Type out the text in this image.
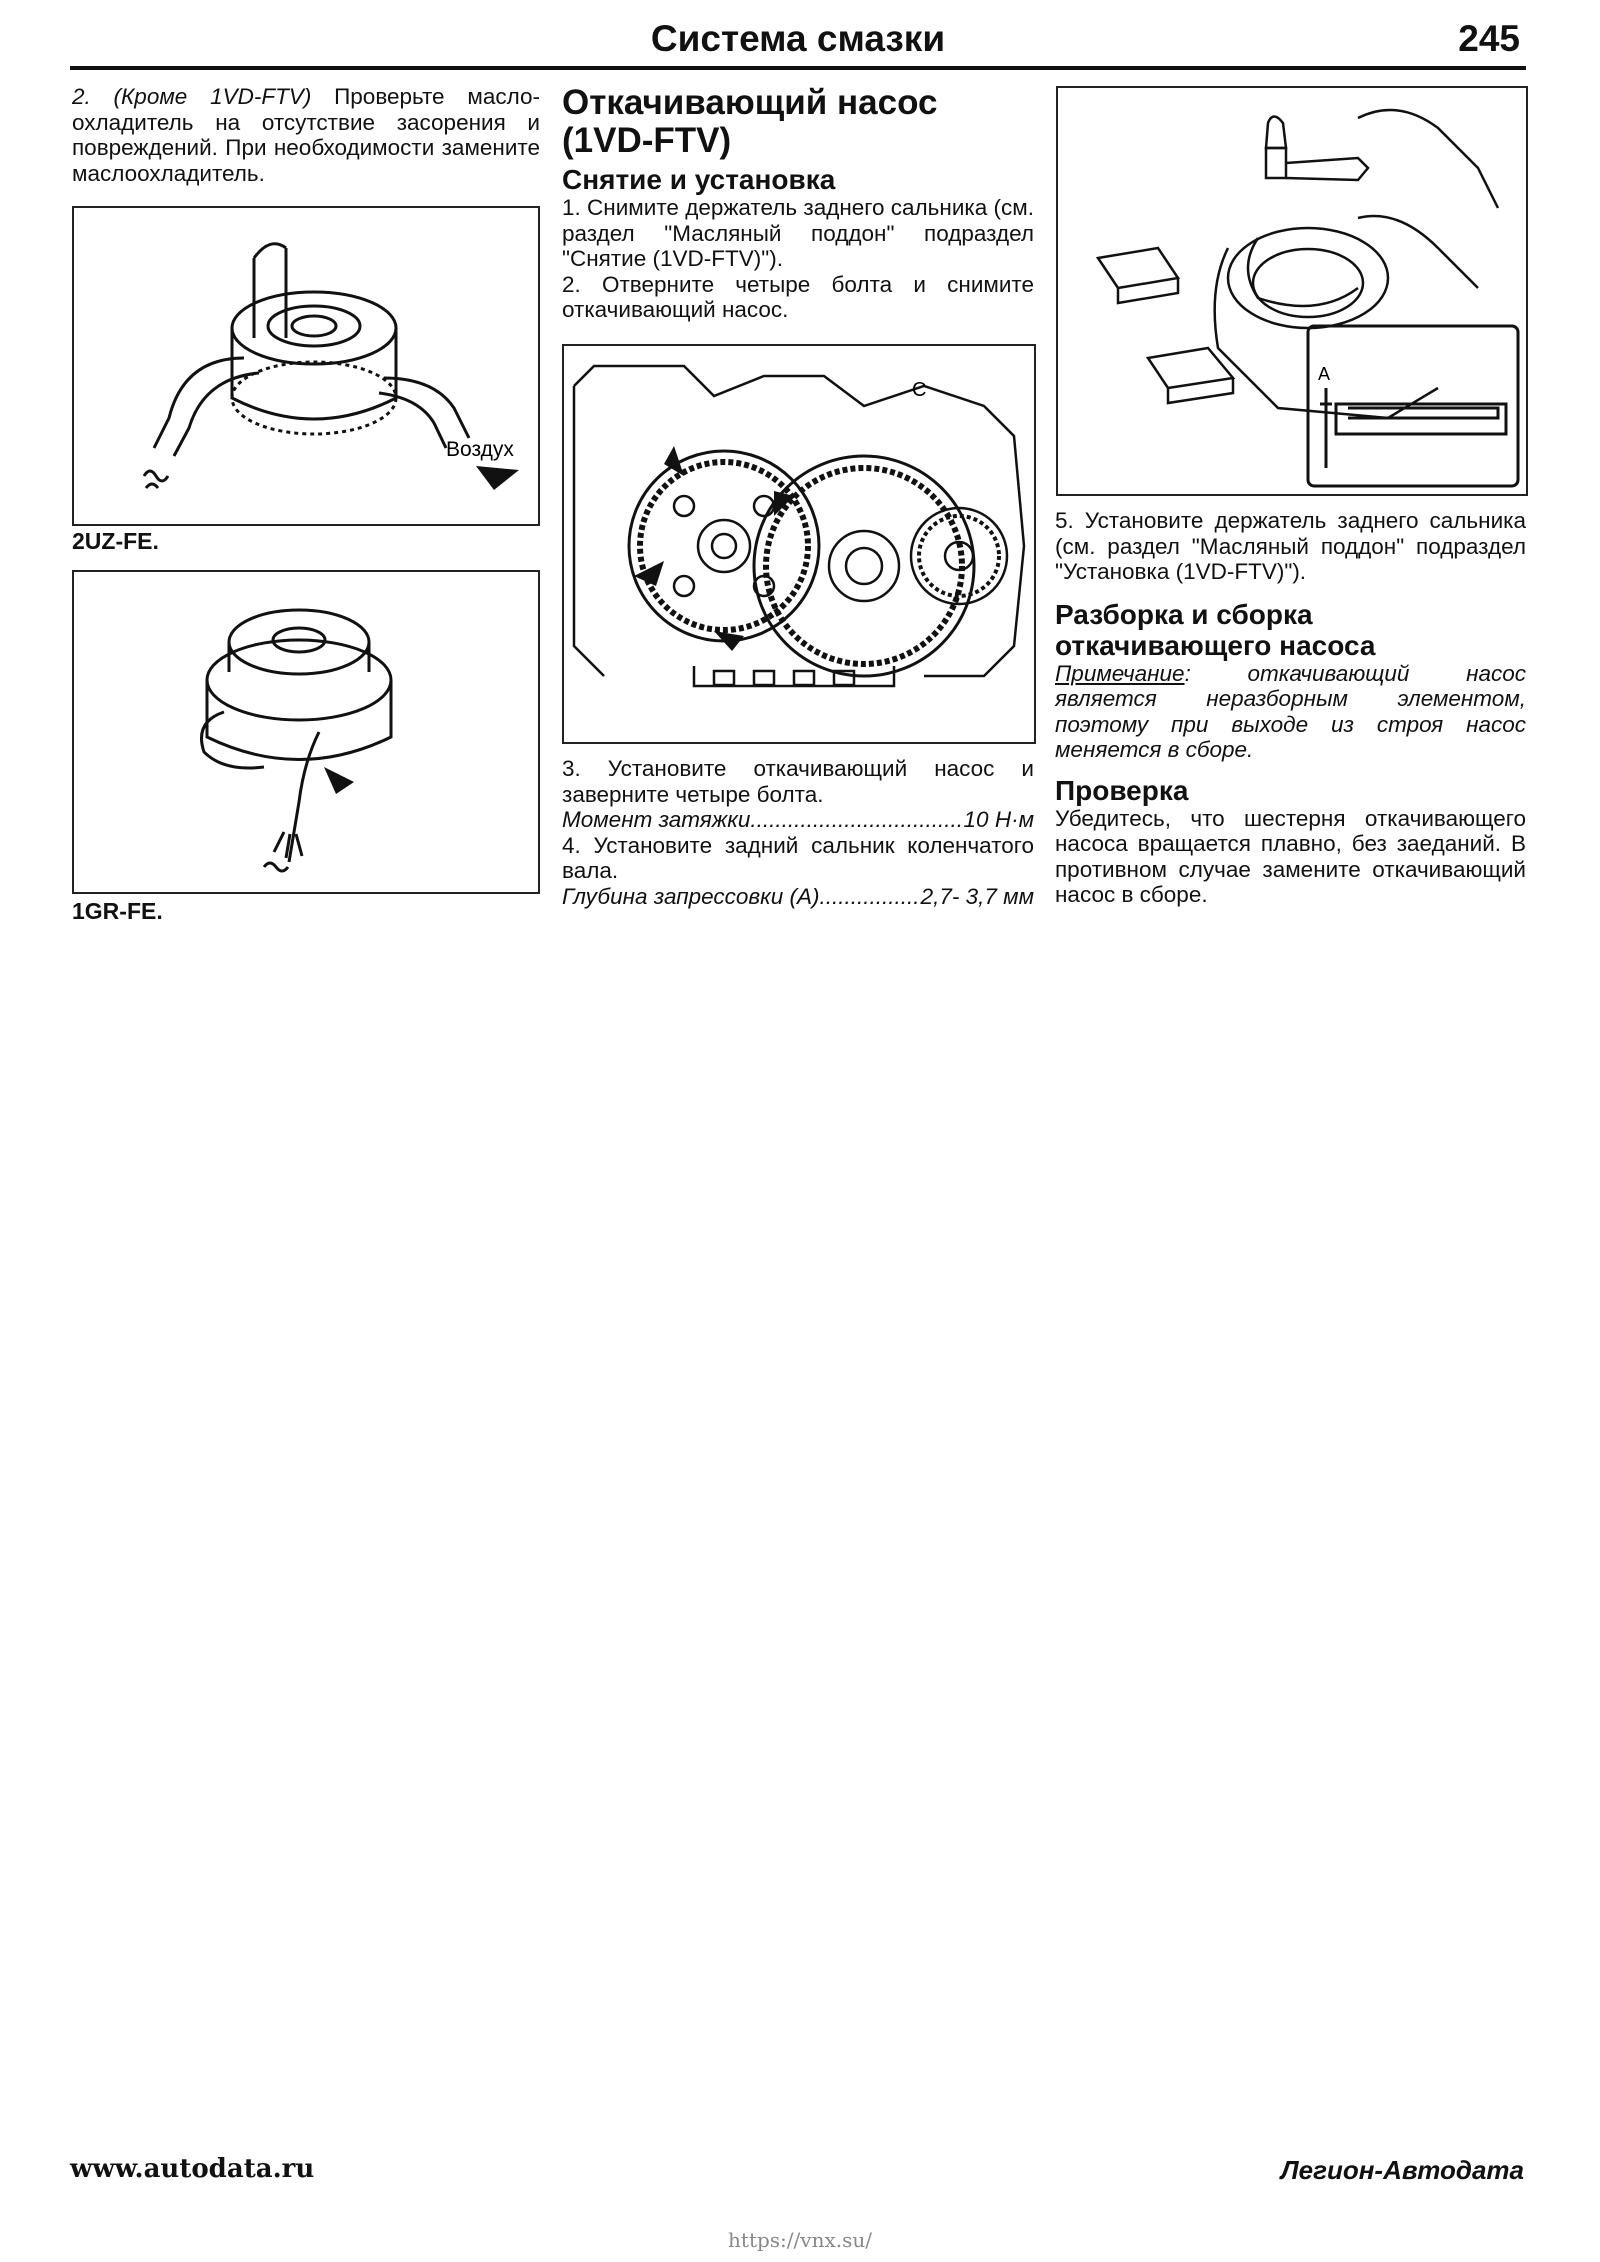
Система смазки	245

2. (Кроме 1VD-FTV) Проверьте маслоохладитель на отсутствие засорения и повреждений. При необходимости замените маслоохладитель.

Воздух
2UZ-FE.
1GR-FE.
Откачивающий насос (1VD-FTV)
Снятие и установка

1. Снимите держатель заднего сальника (см. раздел "Масляный поддон" подраздел "Снятие (1VD-FTV)").

2. Отверните четыре болта и снимите откачивающий насос.

C

3. Установите откачивающий насос и заверните четыре болта.

Момент затяжки .....	10 Н·м

4. Установите задний сальник коленчатого вала.

Глубина запрессовки (А) .....	2,7- 3,7 мм
A

5. Установите держатель заднего сальника (см. раздел "Масляный поддон" подраздел "Установка (1VD-FTV)").

Разборка и сборка откачивающего насоса

Примечание: откачивающий насос является неразборным элементом, поэтому при выходе из строя насос меняется в сборе.

Проверка

Убедитесь, что шестерня откачивающего насоса вращается плавно, без заеданий. В противном случае замените откачивающий насос в сборе.

www.autodata.ru	Легион-Автодата
https://vnx.su/
